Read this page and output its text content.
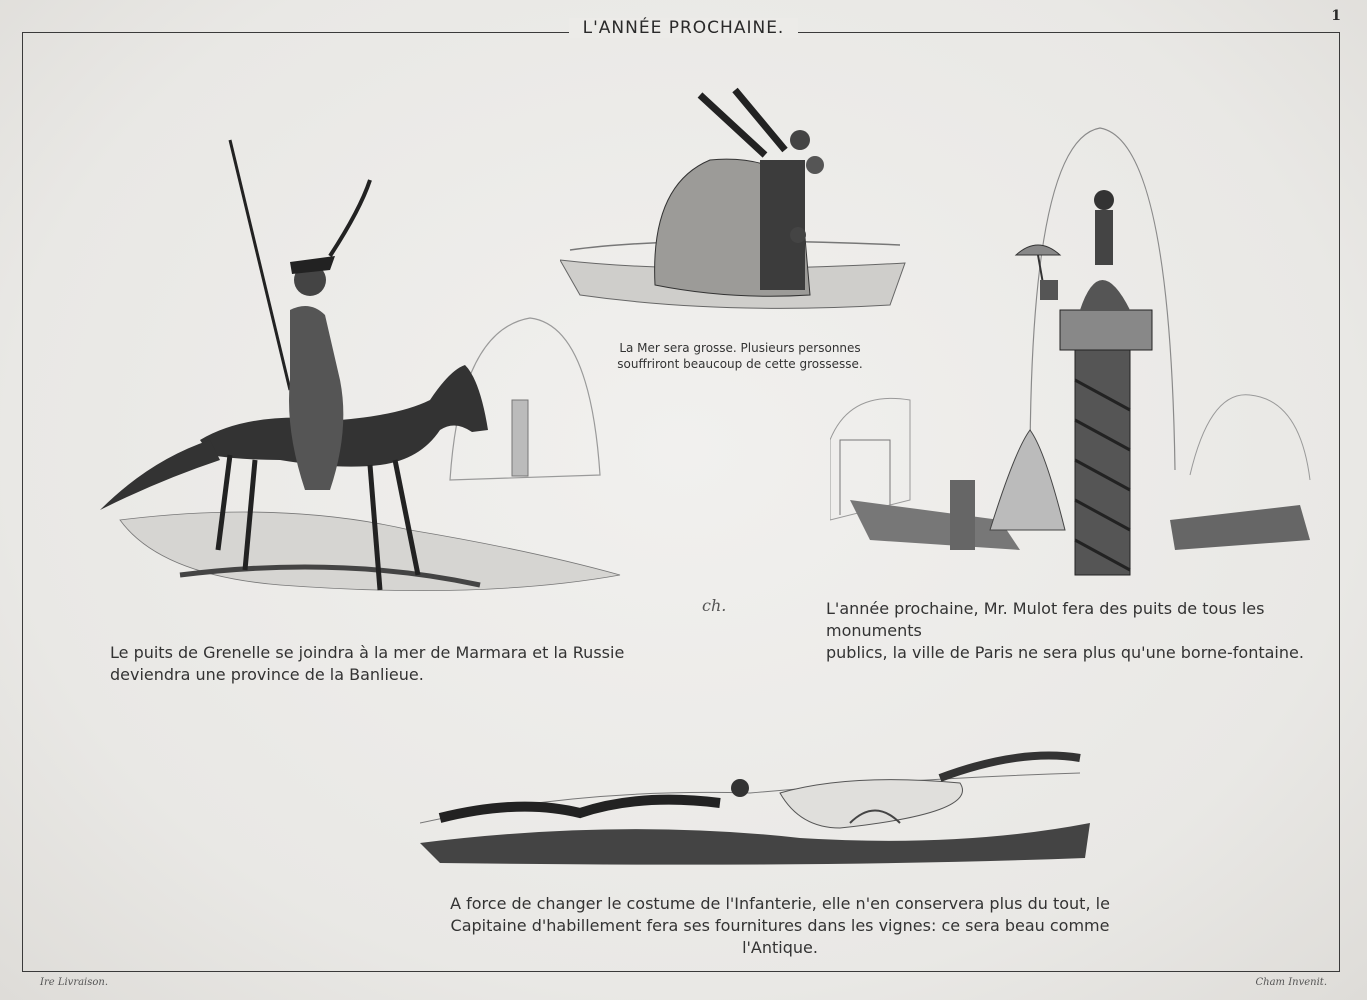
L'ANNÉE PROCHAINE.
1
Le puits de Grenelle se joindra à la mer de Marmara et la Russie
deviendra une province de la Banlieue.
La Mer sera grosse. Plusieurs personnes
souffriront beaucoup de cette grossesse.
L'année prochaine, Mr. Mulot fera des puits de tous les monuments
publics, la ville de Paris ne sera plus qu'une borne-fontaine.
ch.
A force de changer le costume de l'Infanterie, elle n'en conservera plus du tout, le
Capitaine d'habillement fera ses fournitures dans les vignes: ce sera beau comme l'Antique.
Ire Livraison.	Cham Invenit.
